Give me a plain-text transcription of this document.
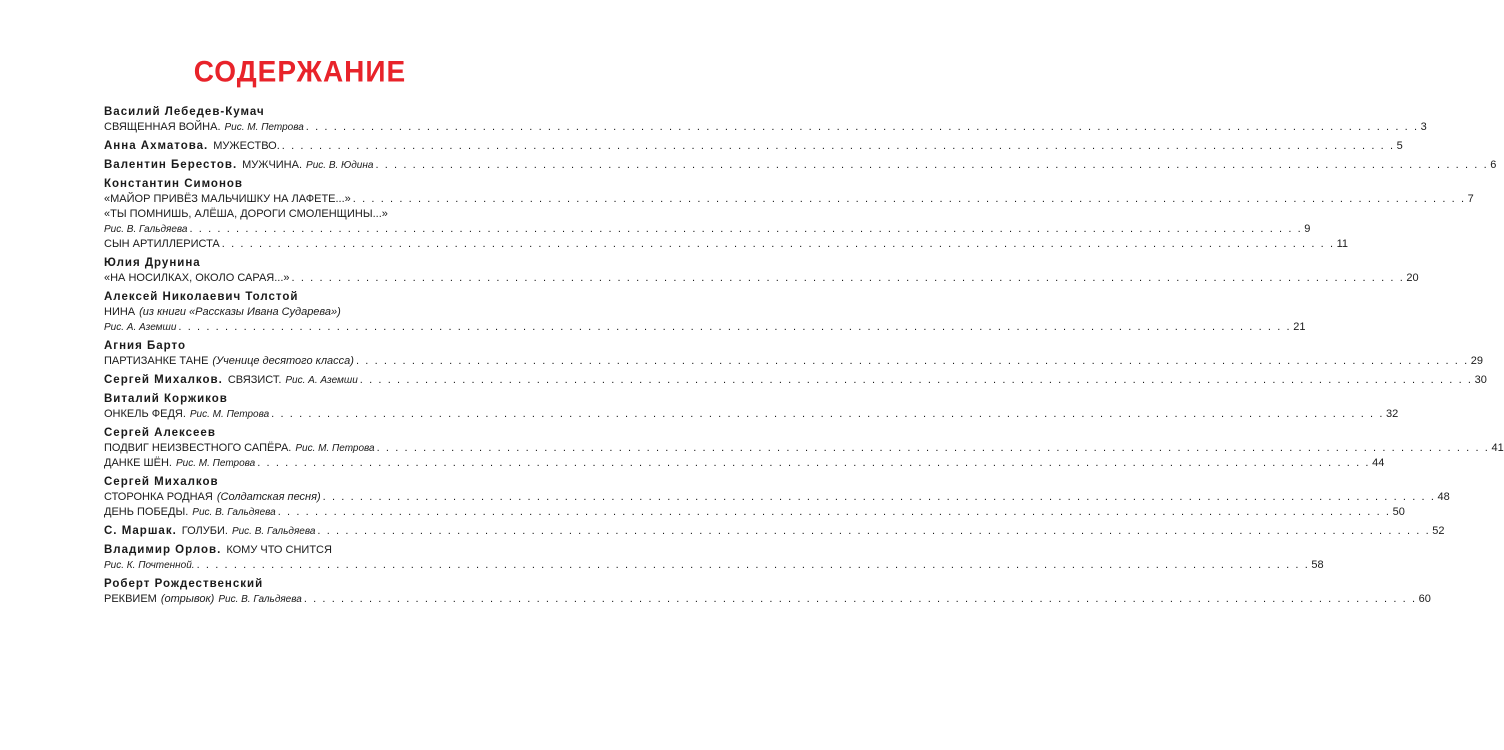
СОДЕРЖАНИЕ
Василий Лебедев-Кумач
СВЯЩЕННАЯ ВОЙНА. Рис. М. Петрова . . . . . . . . . . . . . . . . . . . . . . . . . . . . . . . . . . . . . . . . . . . . . . . . . . . . . . . . . . . . . . . . . . . . . . . . . . . . . . . . . . . . . . . . . . . . . . . . . . . . . . . . . . . . . . . . . . . . . . . . 3
Анна Ахматова. МУЖЕСТВО. . . . . . . . . . . . . . . . . . . . . . . . . . . . . . . . . . . . . . . . . . . . . . . . . . . . . . . . . . . . . . . . . . . . . . . . . . . . . . . . . . . . . . . . . . . . . . . . . . . . . . . . . . . . . . . . . . . . . . . . . 5
Валентин Берестов. МУЖЧИНА. Рис. В. Юдина . . . . . . . . . . . . . . . . . . . . . . . . . . . . . . . . . . . . . . . . . . . . . . . . . . . . . . . . . . . . . . . . . . . . . . . . . . . . . . . . . . . . . . . . . . . . . . . . . . . . . . . . . . . . . . . . . . . . . . . . 6
Константин Симонов
«МАЙОР ПРИВЁЗ МАЛЬЧИШКУ НА ЛАФЕТЕ...» . . . . . . . . . . . . . . . . . . . . . . . . . . . . . . . . . . . . . . . . . . . . . . . . . . . . . . . . . . . . . . . . . . . . . . . . . . . . . . . . . . . . . . . . . . . . . . . . . . . . . . . . . . . . . . . . . . . . . . . . 7
«ТЫ ПОМНИШЬ, АЛЁША, ДОРОГИ СМОЛЕНЩИНЫ...»
Рис. В. Гальдяева . . . . . . . . . . . . . . . . . . . . . . . . . . . . . . . . . . . . . . . . . . . . . . . . . . . . . . . . . . . . . . . . . . . . . . . . . . . . . . . . . . . . . . . . . . . . . . . . . . . . . . . . . . . . . . . . . . . . . . . . 9
СЫН АРТИЛЛЕРИСТА . . . . . . . . . . . . . . . . . . . . . . . . . . . . . . . . . . . . . . . . . . . . . . . . . . . . . . . . . . . . . . . . . . . . . . . . . . . . . . . . . . . . . . . . . . . . . . . . . . . . . . . . . . . . . . . . . . . . . . . . 11
Юлия Друнина
«НА НОСИЛКАХ, ОКОЛО САРАЯ...» . . . . . . . . . . . . . . . . . . . . . . . . . . . . . . . . . . . . . . . . . . . . . . . . . . . . . . . . . . . . . . . . . . . . . . . . . . . . . . . . . . . . . . . . . . . . . . . . . . . . . . . . . . . . . . . . . . . . . . . . 20
Алексей Николаевич Толстой
НИНА (из книги «Рассказы Ивана Сударева»)
Рис. А. Аземши . . . . . . . . . . . . . . . . . . . . . . . . . . . . . . . . . . . . . . . . . . . . . . . . . . . . . . . . . . . . . . . . . . . . . . . . . . . . . . . . . . . . . . . . . . . . . . . . . . . . . . . . . . . . . . . . . . . . . . . . 21
Агния Барто
ПАРТИЗАНКЕ ТАНЕ (Ученице десятого класса) . . . . . . . . . . . . . . . . . . . . . . . . . . . . . . . . . . . . . . . . . . . . . . . . . . . . . . . . . . . . . . . . . . . . . . . . . . . . . . . . . . . . . . . . . . . . . . . . . . . . . . . . . . . . . . . . . . . . . . . . 29
Сергей Михалков. СВЯЗИСТ. Рис. А. Аземши . . . . . . . . . . . . . . . . . . . . . . . . . . . . . . . . . . . . . . . . . . . . . . . . . . . . . . . . . . . . . . . . . . . . . . . . . . . . . . . . . . . . . . . . . . . . . . . . . . . . . . . . . . . . . . . . . . . . . . . . 30
Виталий Коржиков
ОНКЕЛЬ ФЕДЯ. Рис. М. Петрова . . . . . . . . . . . . . . . . . . . . . . . . . . . . . . . . . . . . . . . . . . . . . . . . . . . . . . . . . . . . . . . . . . . . . . . . . . . . . . . . . . . . . . . . . . . . . . . . . . . . . . . . . . . . . . . . . . . . . . . . 32
Сергей Алексеев
ПОДВИГ НЕИЗВЕСТНОГО САПЁРА. Рис. М. Петрова . . . . . . . . . . . . . . . . . . . . . . . . . . . . . . . . . . . . . . . . . . . . . . . . . . . . . . . . . . . . . . . . . . . . . . . . . . . . . . . . . . . . . . . . . . . . . . . . . . . . . . . . . . . . . . . . . . . . . . . . 41
ДАНКЕ ШЁН. Рис. М. Петрова . . . . . . . . . . . . . . . . . . . . . . . . . . . . . . . . . . . . . . . . . . . . . . . . . . . . . . . . . . . . . . . . . . . . . . . . . . . . . . . . . . . . . . . . . . . . . . . . . . . . . . . . . . . . . . . . . . . . . . . . 44
Сергей Михалков
СТОРОНКА РОДНАЯ (Солдатская песня) . . . . . . . . . . . . . . . . . . . . . . . . . . . . . . . . . . . . . . . . . . . . . . . . . . . . . . . . . . . . . . . . . . . . . . . . . . . . . . . . . . . . . . . . . . . . . . . . . . . . . . . . . . . . . . . . . . . . . . . . 48
ДЕНЬ ПОБЕДЫ. Рис. В. Гальдяева . . . . . . . . . . . . . . . . . . . . . . . . . . . . . . . . . . . . . . . . . . . . . . . . . . . . . . . . . . . . . . . . . . . . . . . . . . . . . . . . . . . . . . . . . . . . . . . . . . . . . . . . . . . . . . . . . . . . . . . . 50
С. Маршак. ГОЛУБИ. Рис. В. Гальдяева . . . . . . . . . . . . . . . . . . . . . . . . . . . . . . . . . . . . . . . . . . . . . . . . . . . . . . . . . . . . . . . . . . . . . . . . . . . . . . . . . . . . . . . . . . . . . . . . . . . . . . . . . . . . . . . . . . . . . . . . 52
Владимир Орлов. КОМУ ЧТО СНИТСЯ
Рис. К. Почтенной. . . . . . . . . . . . . . . . . . . . . . . . . . . . . . . . . . . . . . . . . . . . . . . . . . . . . . . . . . . . . . . . . . . . . . . . . . . . . . . . . . . . . . . . . . . . . . . . . . . . . . . . . . . . . . . . . . . . . . . . . 58
Роберт Рождественский
РЕКВИЕМ (отрывок) Рис. В. Гальдяева . . . . . . . . . . . . . . . . . . . . . . . . . . . . . . . . . . . . . . . . . . . . . . . . . . . . . . . . . . . . . . . . . . . . . . . . . . . . . . . . . . . . . . . . . . . . . . . . . . . . . . . . . . . . . . . . . . . . . . . . 60
